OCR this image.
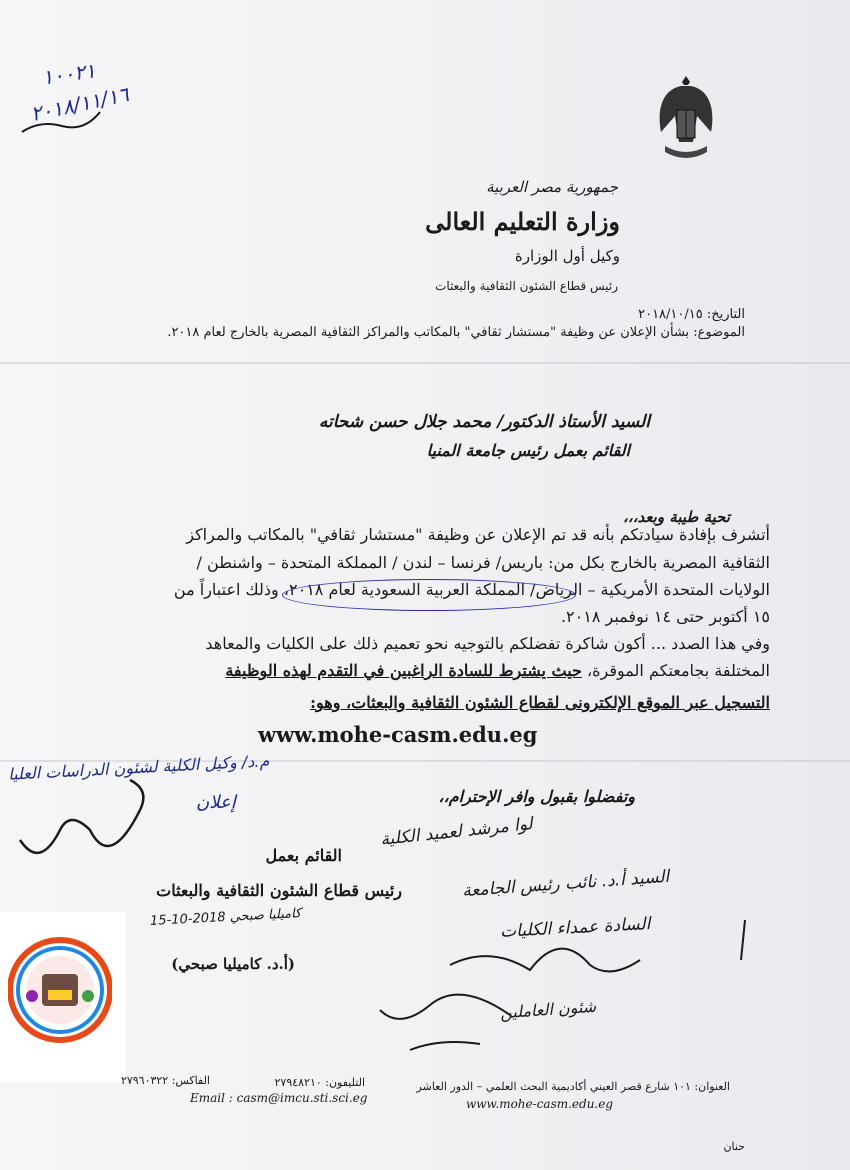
جمهورية مصر العربية
وزارة التعليم العالى
وكيل أول الوزارة
رئيس قطاع الشئون الثقافية والبعثات
التاريخ: ٢٠١٨/١٠/١٥
الموضوع: بشأن الإعلان عن وظيفة "مستشار ثقافي" بالمكاتب والمراكز الثقافية المصرية بالخارج لعام ٢٠١٨.
السيد الأستاذ الدكتور/ محمد جلال حسن شحاته
القائم بعمل رئيس جامعة المنيا
تحية طيبة وبعد،،،
أتشرف بإفادة سيادتكم بأنه قد تم الإعلان عن وظيفة "مستشار ثقافي" بالمكاتب والمراكز
الثقافية المصرية بالخارج بكل من: باريس/ فرنسا – لندن / المملكة المتحدة – واشنطن /
الولايات المتحدة الأمريكية – الرياض/ المملكة العربية السعودية لعام ٢٠١٨، وذلك اعتباراً من
١٥ أكتوبر حتى ١٤ نوفمبر ٢٠١٨.
وفي هذا الصدد ... أكون شاكرة تفضلكم بالتوجيه نحو تعميم ذلك على الكليات والمعاهد
المختلفة بجامعتكم الموقرة، حيث يشترط للسادة الراغبين في التقدم لهذه الوظيفة
التسجيل عبر الموقع الإلكترونى لقطاع الشئون الثقافية والبعثات، وهو:
www.mohe-casm.edu.eg
وتفضلوا بقبول وافر الإحترام،،
القائم بعمل
رئيس قطاع الشئون الثقافية والبعثات
(أ.د. كاميليا صبحي)
١٠٠٢١
٢٠١٨/١١/١٦
م.د/ وكيل الكلية لشئون الدراسات العليا
إعلان
لوا مرشد لعميد الكلية
السيد أ.د. نائب رئيس الجامعة
السادة عمداء الكليات
كاميليا صبحي 2018-10-15
شئون العاملين
العنوان: ١٠١ شارع قصر العيني أكاديمية البحث العلمي – الدور العاشر
التليفون: ٢٧٩٤٨٢١٠
الفاكس: ٢٧٩٦٠٣٢٢
Email : casm@imcu.sti.sci.eg	www.mohe-casm.edu.eg
حنان
